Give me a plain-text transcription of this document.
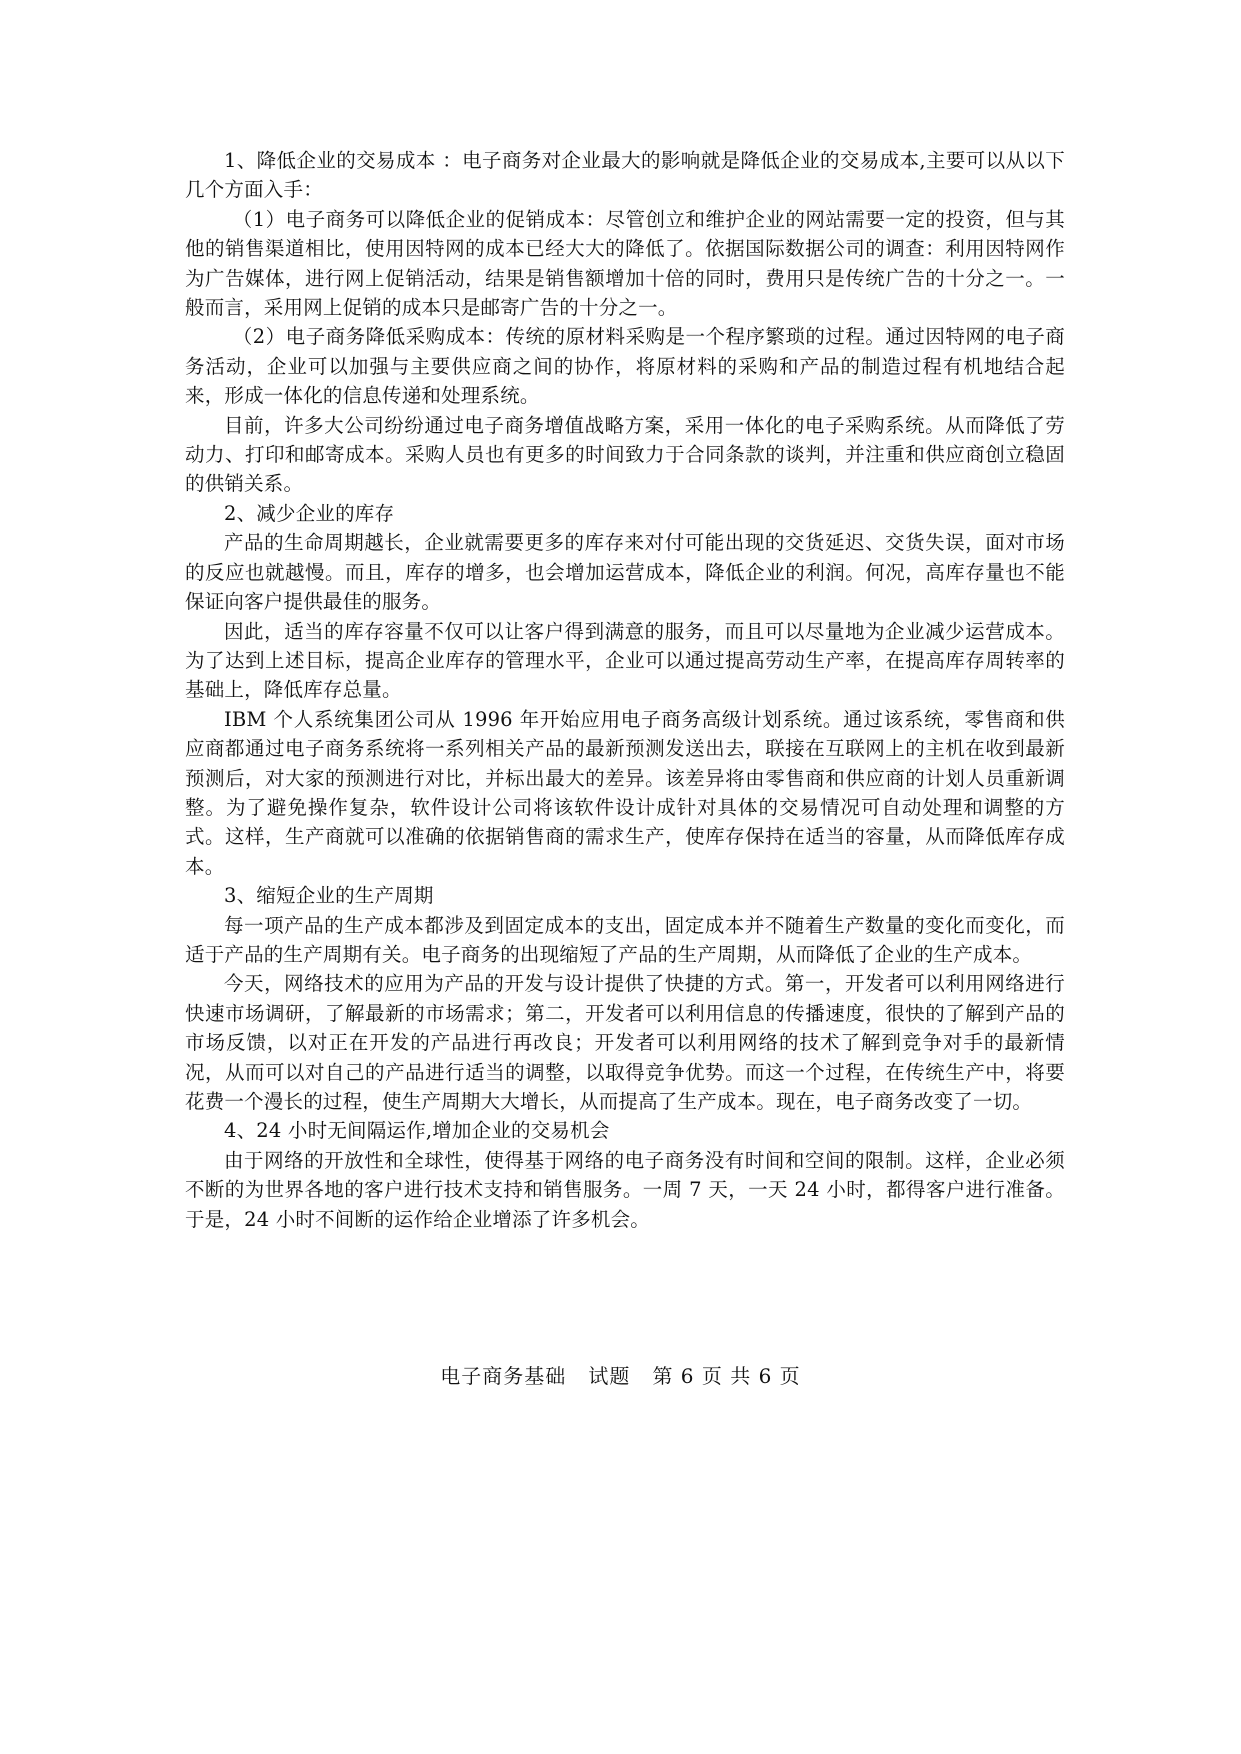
1、降低企业的交易成本 ：电子商务对企业最大的影响就是降低企业的交易成本,主要可以从以下几个方面入手：

（1）电子商务可以降低企业的促销成本：尽管创立和维护企业的网站需要一定的投资，但与其他的销售渠道相比，使用因特网的成本已经大大的降低了。依据国际数据公司的调查：利用因特网作为广告媒体，进行网上促销活动，结果是销售额增加十倍的同时，费用只是传统广告的十分之一。一般而言，采用网上促销的成本只是邮寄广告的十分之一。

（2）电子商务降低采购成本：传统的原材料采购是一个程序繁琐的过程。通过因特网的电子商务活动，企业可以加强与主要供应商之间的协作，将原材料的采购和产品的制造过程有机地结合起来，形成一体化的信息传递和处理系统。

目前，许多大公司纷纷通过电子商务增值战略方案，采用一体化的电子采购系统。从而降低了劳动力、打印和邮寄成本。采购人员也有更多的时间致力于合同条款的谈判，并注重和供应商创立稳固的供销关系。

2、减少企业的库存

产品的生命周期越长，企业就需要更多的库存来对付可能出现的交货延迟、交货失误，面对市场的反应也就越慢。而且，库存的增多，也会增加运营成本，降低企业的利润。何况，高库存量也不能保证向客户提供最佳的服务。

因此，适当的库存容量不仅可以让客户得到满意的服务，而且可以尽量地为企业减少运营成本。为了达到上述目标，提高企业库存的管理水平，企业可以通过提高劳动生产率，在提高库存周转率的基础上，降低库存总量。

IBM 个人系统集团公司从 1996 年开始应用电子商务高级计划系统。通过该系统，零售商和供应商都通过电子商务系统将一系列相关产品的最新预测发送出去，联接在互联网上的主机在收到最新预测后，对大家的预测进行对比，并标出最大的差异。该差异将由零售商和供应商的计划人员重新调整。为了避免操作复杂，软件设计公司将该软件设计成针对具体的交易情况可自动处理和调整的方式。这样，生产商就可以准确的依据销售商的需求生产，使库存保持在适当的容量，从而降低库存成本。

3、缩短企业的生产周期

每一项产品的生产成本都涉及到固定成本的支出，固定成本并不随着生产数量的变化而变化，而适于产品的生产周期有关。电子商务的出现缩短了产品的生产周期，从而降低了企业的生产成本。

今天，网络技术的应用为产品的开发与设计提供了快捷的方式。第一，开发者可以利用网络进行快速市场调研，了解最新的市场需求；第二，开发者可以利用信息的传播速度，很快的了解到产品的市场反馈，以对正在开发的产品进行再改良；开发者可以利用网络的技术了解到竞争对手的最新情况，从而可以对自己的产品进行适当的调整，以取得竞争优势。而这一个过程，在传统生产中，将要花费一个漫长的过程，使生产周期大大增长，从而提高了生产成本。现在，电子商务改变了一切。

4、24 小时无间隔运作,增加企业的交易机会

由于网络的开放性和全球性，使得基于网络的电子商务没有时间和空间的限制。这样，企业必须不断的为世界各地的客户进行技术支持和销售服务。一周 7 天，一天 24 小时，都得客户进行准备。于是，24 小时不间断的运作给企业增添了许多机会。

电子商务基础   试题   第 6 页 共 6 页
